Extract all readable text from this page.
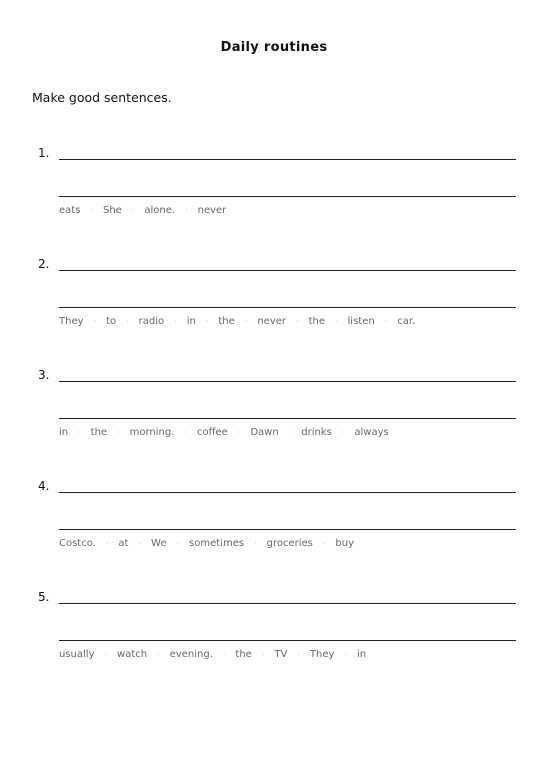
Daily routines
Make good sentences.
1.
eats · She · alone. · never
2.
They · to · radio · in · the · never · the · listen · car.
3.
in · the · morning. · coffee · Dawn · drinks · always
4.
Costco. · at · We · sometimes · groceries · buy
5.
usually · watch · evening. · the · TV · They · in
